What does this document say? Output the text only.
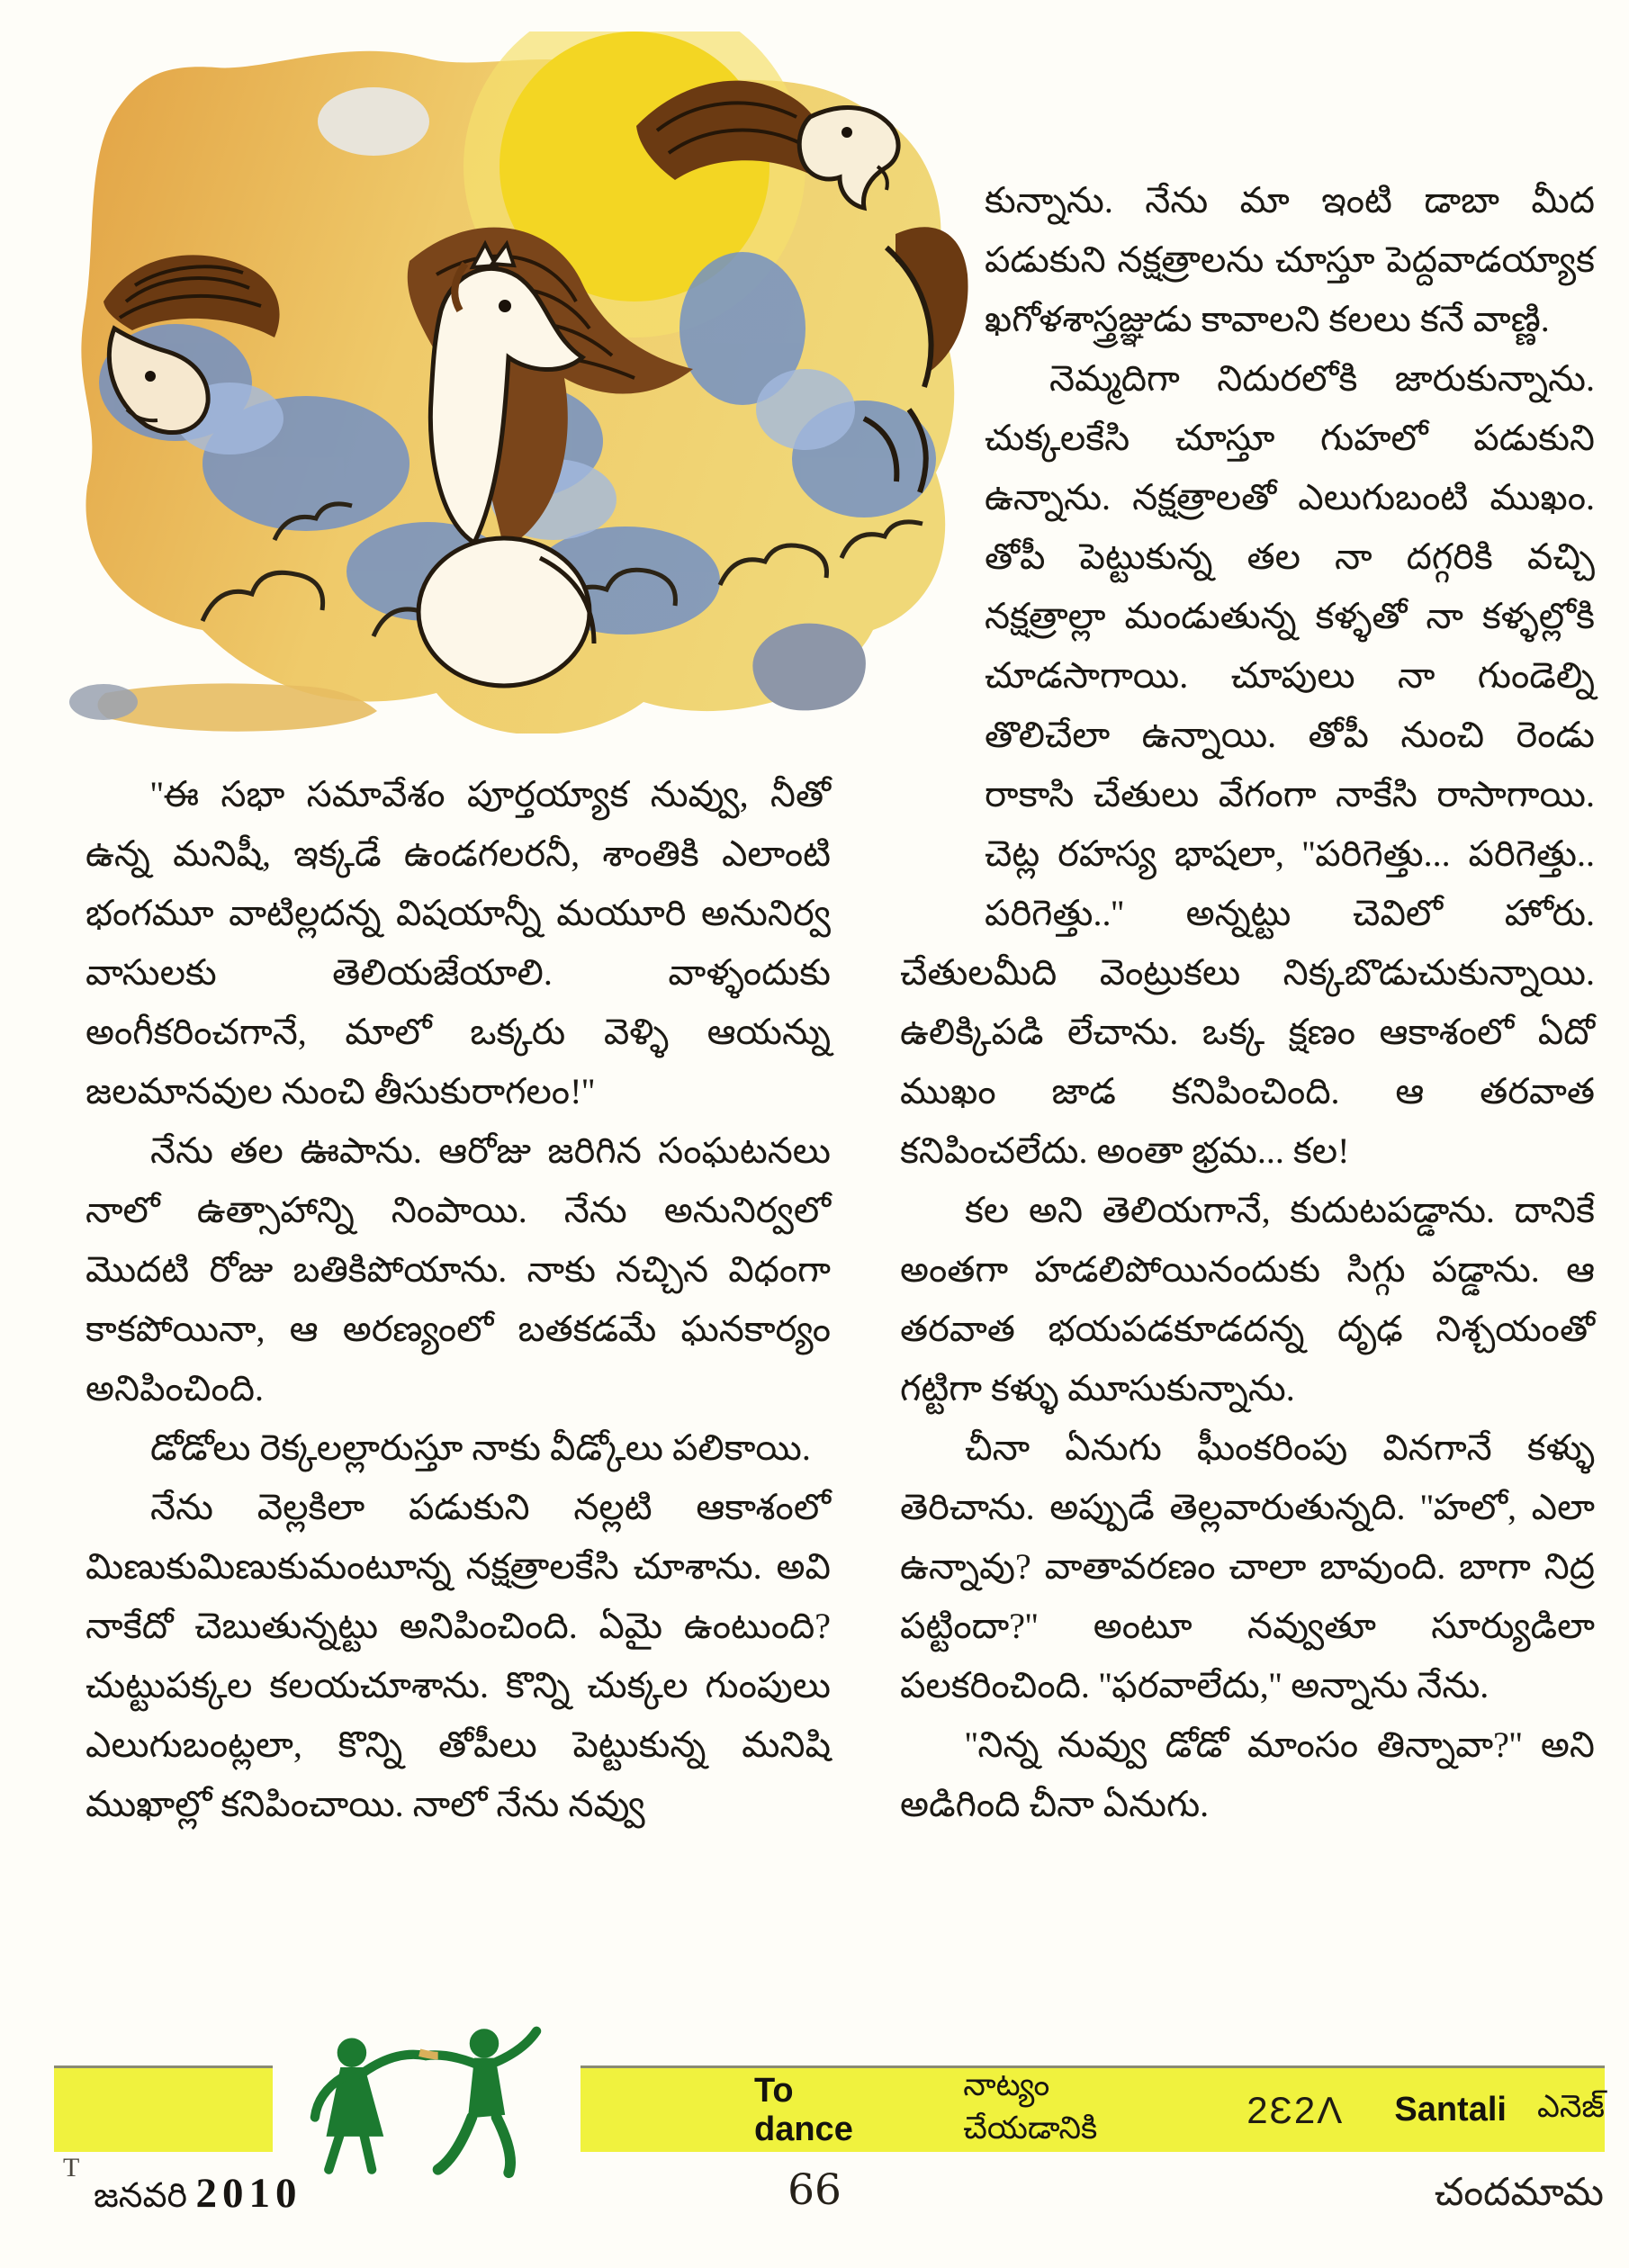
''ఈ సభా సమావేశం పూర్తయ్యాక నువ్వు, నీతో ఉన్న మనిషీ, ఇక్కడే ఉండగలరనీ, శాంతికి ఎలాంటి భంగమూ వాటిల్లదన్న విషయాన్నీ మయూరి అనునిర్వ వాసులకు తెలియజేయాలి. వాళ్ళందుకు అంగీకరించగానే, మాలో ఒక్కరు వెళ్ళి ఆయన్ను జలమానవుల నుంచి తీసుకురాగలం!''

నేను తల ఊపాను. ఆరోజు జరిగిన సంఘటనలు నాలో ఉత్సాహాన్ని నింపాయి. నేను అనునిర్వలో మొదటి రోజు బతికిపోయాను. నాకు నచ్చిన విధంగా కాకపోయినా, ఆ అరణ్యంలో బతకడమే ఘనకార్యం అనిపించింది.

డోడోలు రెక్కలల్లారుస్తూ నాకు వీడ్కోలు పలికాయి.

నేను వెల్లకిలా పడుకుని నల్లటి ఆకాశంలో మిణుకుమిణుకుమంటూన్న నక్షత్రాలకేసి చూశాను. అవి నాకేదో చెబుతున్నట్టు అనిపించింది. ఏమై ఉంటుంది? చుట్టుపక్కల కలయచూశాను. కొన్ని చుక్కల గుంపులు ఎలుగుబంట్లలా, కొన్ని తోపీలు పెట్టుకున్న మనిషి ముఖాల్లో కనిపించాయి. నాలో నేను నవ్వు

కున్నాను. నేను మా ఇంటి డాబా మీద పడుకుని నక్షత్రాలను చూస్తూ పెద్దవాడయ్యాక ఖగోళశాస్త్రజ్ఞుడు కావాలని కలలు కనే వాణ్ణి.

నెమ్మదిగా నిదురలోకి జారుకున్నాను. చుక్కలకేసి చూస్తూ గుహలో పడుకుని ఉన్నాను. నక్షత్రాలతో ఎలుగుబంటి ముఖం. తోపీ పెట్టుకున్న తల నా దగ్గరికి వచ్చి నక్షత్రాల్లా మండుతున్న కళ్ళతో నా కళ్ళల్లోకి చూడసాగాయి. చూపులు నా గుండెల్ని తొలిచేలా ఉన్నాయి. తోపీ నుంచి రెండు రాకాసి చేతులు వేగంగా నాకేసి రాసాగాయి. చెట్ల రహస్య భాషలా, ''పరిగెత్తు... పరిగెత్తు.. పరిగెత్తు..'' అన్నట్టు చెవిలో హోరు. చేతులమీది వెంట్రుకలు నిక్కబొడుచుకున్నాయి. ఉలిక్కిపడి లేచాను. ఒక్క క్షణం ఆకాశంలో ఏదో ముఖం జాడ కనిపించింది. ఆ తరవాత కనిపించలేదు. అంతా భ్రమ... కల!

కల అని తెలియగానే, కుదుటపడ్డాను. దానికే అంతగా హడలిపోయినందుకు సిగ్గు పడ్డాను. ఆ తరవాత భయపడకూడదన్న దృఢ నిశ్చయంతో గట్టిగా కళ్ళు మూసుకున్నాను.

చీనా ఏనుగు ఘీంకరింపు వినగానే కళ్ళు తెరిచాను. అప్పుడే తెల్లవారుతున్నది. ''హలో, ఎలా ఉన్నావు? వాతావరణం చాలా బావుంది. బాగా నిద్ర పట్టిందా?'' అంటూ నవ్వుతూ సూర్యుడిలా పలకరించింది. ''ఫరవాలేదు,'' అన్నాను నేను.

''నిన్న నువ్వు డోడో మాంసం తిన్నావా?'' అని అడిగింది చీనా ఏనుగు.

To dance
నాట్యం చేయడానికి	2Ɛ2Ʌ Santali ఎనెజ్
T
జనవరి 2010	66	చందమామ
